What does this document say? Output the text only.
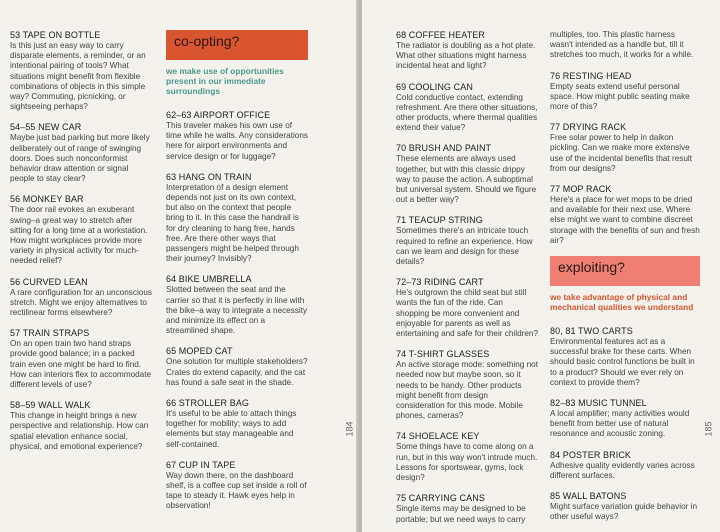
53 TAPE ON BOTTLE
Is this just an easy way to carry disparate elements, a reminder, or an intentional pairing of tools? What situations might benefit from flexible combinations of objects in this simple way? Commuting, picnicking, or sightseeing perhaps?
54–55 NEW CAR
Maybe just bad parking but more likely deliberately out of range of swinging doors. Does such nonconformist behavior draw attention or signal people to stay clear?
56 MONKEY BAR
The door rail evokes an exuberant swing–a great way to stretch after sitting for a long time at a workstation. How might workplaces provide more variety in physical activity for much-needed relief?
56 CURVED LEAN
A rare configuration for an unconscious stretch. Might we enjoy alternatives to rectilinear forms elsewhere?
57 TRAIN STRAPS
On an open train two hand straps provide good balance; in a packed train even one might be hard to find. How can interiors flex to accommodate different levels of use?
58–59 WALL WALK
This change in height brings a new perspective and relationship. How can spatial elevation enhance social, physical, and emotional experience?
co-opting?
we make use of opportunities present in our immediate surroundings
62–63 AIRPORT OFFICE
This traveler makes his own use of time while he waits. Any considerations here for airport environments and service design or for luggage?
63 HANG ON TRAIN
Interpretation of a design element depends not just on its own context, but also on the context that people bring to it. In this case the handrail is for dry cleaning to hang free, hands free. Are there other ways that passengers might be helped through their journey? Invisibly?
64 BIKE UMBRELLA
Slotted between the seat and the carrier so that it is perfectly in line with the bike–a way to integrate a necessity and minimize its effect on a streamlined shape.
65 MOPED CAT
One solution for multiple stakeholders? Crates do extend capacity, and the cat has found a safe seat in the shade.
66 STROLLER BAG
It's useful to be able to attach things together for mobility; ways to add elements but stay manageable and self-contained.
67 CUP IN TAPE
Way down there, on the dashboard shelf, is a coffee cup set inside a roll of tape to steady it. Hawk eyes help in observation!
184
68 COFFEE HEATER
The radiator is doubling as a hot plate. What other situations might harness incidental heat and light?
69 COOLING CAN
Cold conductive contact, extending refreshment. Are there other situations, other products, where thermal qualities extend their value?
70 BRUSH AND PAINT
These elements are always used together, but with this classic drippy way to pause the action. A suboptimal but universal system. Should we figure out a better way?
71 TEACUP STRING
Sometimes there's an intricate touch required to refine an experience. How can we learn and design for these details?
72–73 RIDING CART
He's outgrown the child seat but still wants the fun of the ride. Can shopping be more convenient and enjoyable for parents as well as entertaining and safe for their children?
74 T-SHIRT GLASSES
An active storage mode: something not needed now but maybe soon, so it needs to be handy. Other products might benefit from design consideration for this mode. Mobile phones, cameras?
74 SHOELACE KEY
Some things have to come along on a run, but in this way won't intrude much. Lessons for sportswear, gyms, lock design?
75 CARRYING CANS
Single items may be designed to be portable; but we need ways to carry
multiples, too. This plastic harness wasn't intended as a handle but, till it stretches too much, it works for a while.
76 RESTING HEAD
Empty seats extend useful personal space. How might public seating make more of this?
77 DRYING RACK
Free solar power to help in daikon pickling. Can we make more extensive use of the incidental benefits that result from our designs?
77 MOP RACK
Here's a place for wet mops to be dried and available for their next use. Where else might we want to combine discreet storage with the benefits of sun and fresh air?
exploiting?
we take advantage of physical and mechanical qualities we understand
80, 81 TWO CARTS
Environmental features act as a successful brake for these carts. When should basic control functions be built in to a product? Should we ever rely on context to provide them?
82–83 MUSIC TUNNEL
A local amplifier; many activities would benefit from better use of natural resonance and acoustic zoning.
84 POSTER BRICK
Adhesive quality evidently varies across different surfaces.
85 WALL BATONS
Might surface variation guide behavior in other useful ways?
185
